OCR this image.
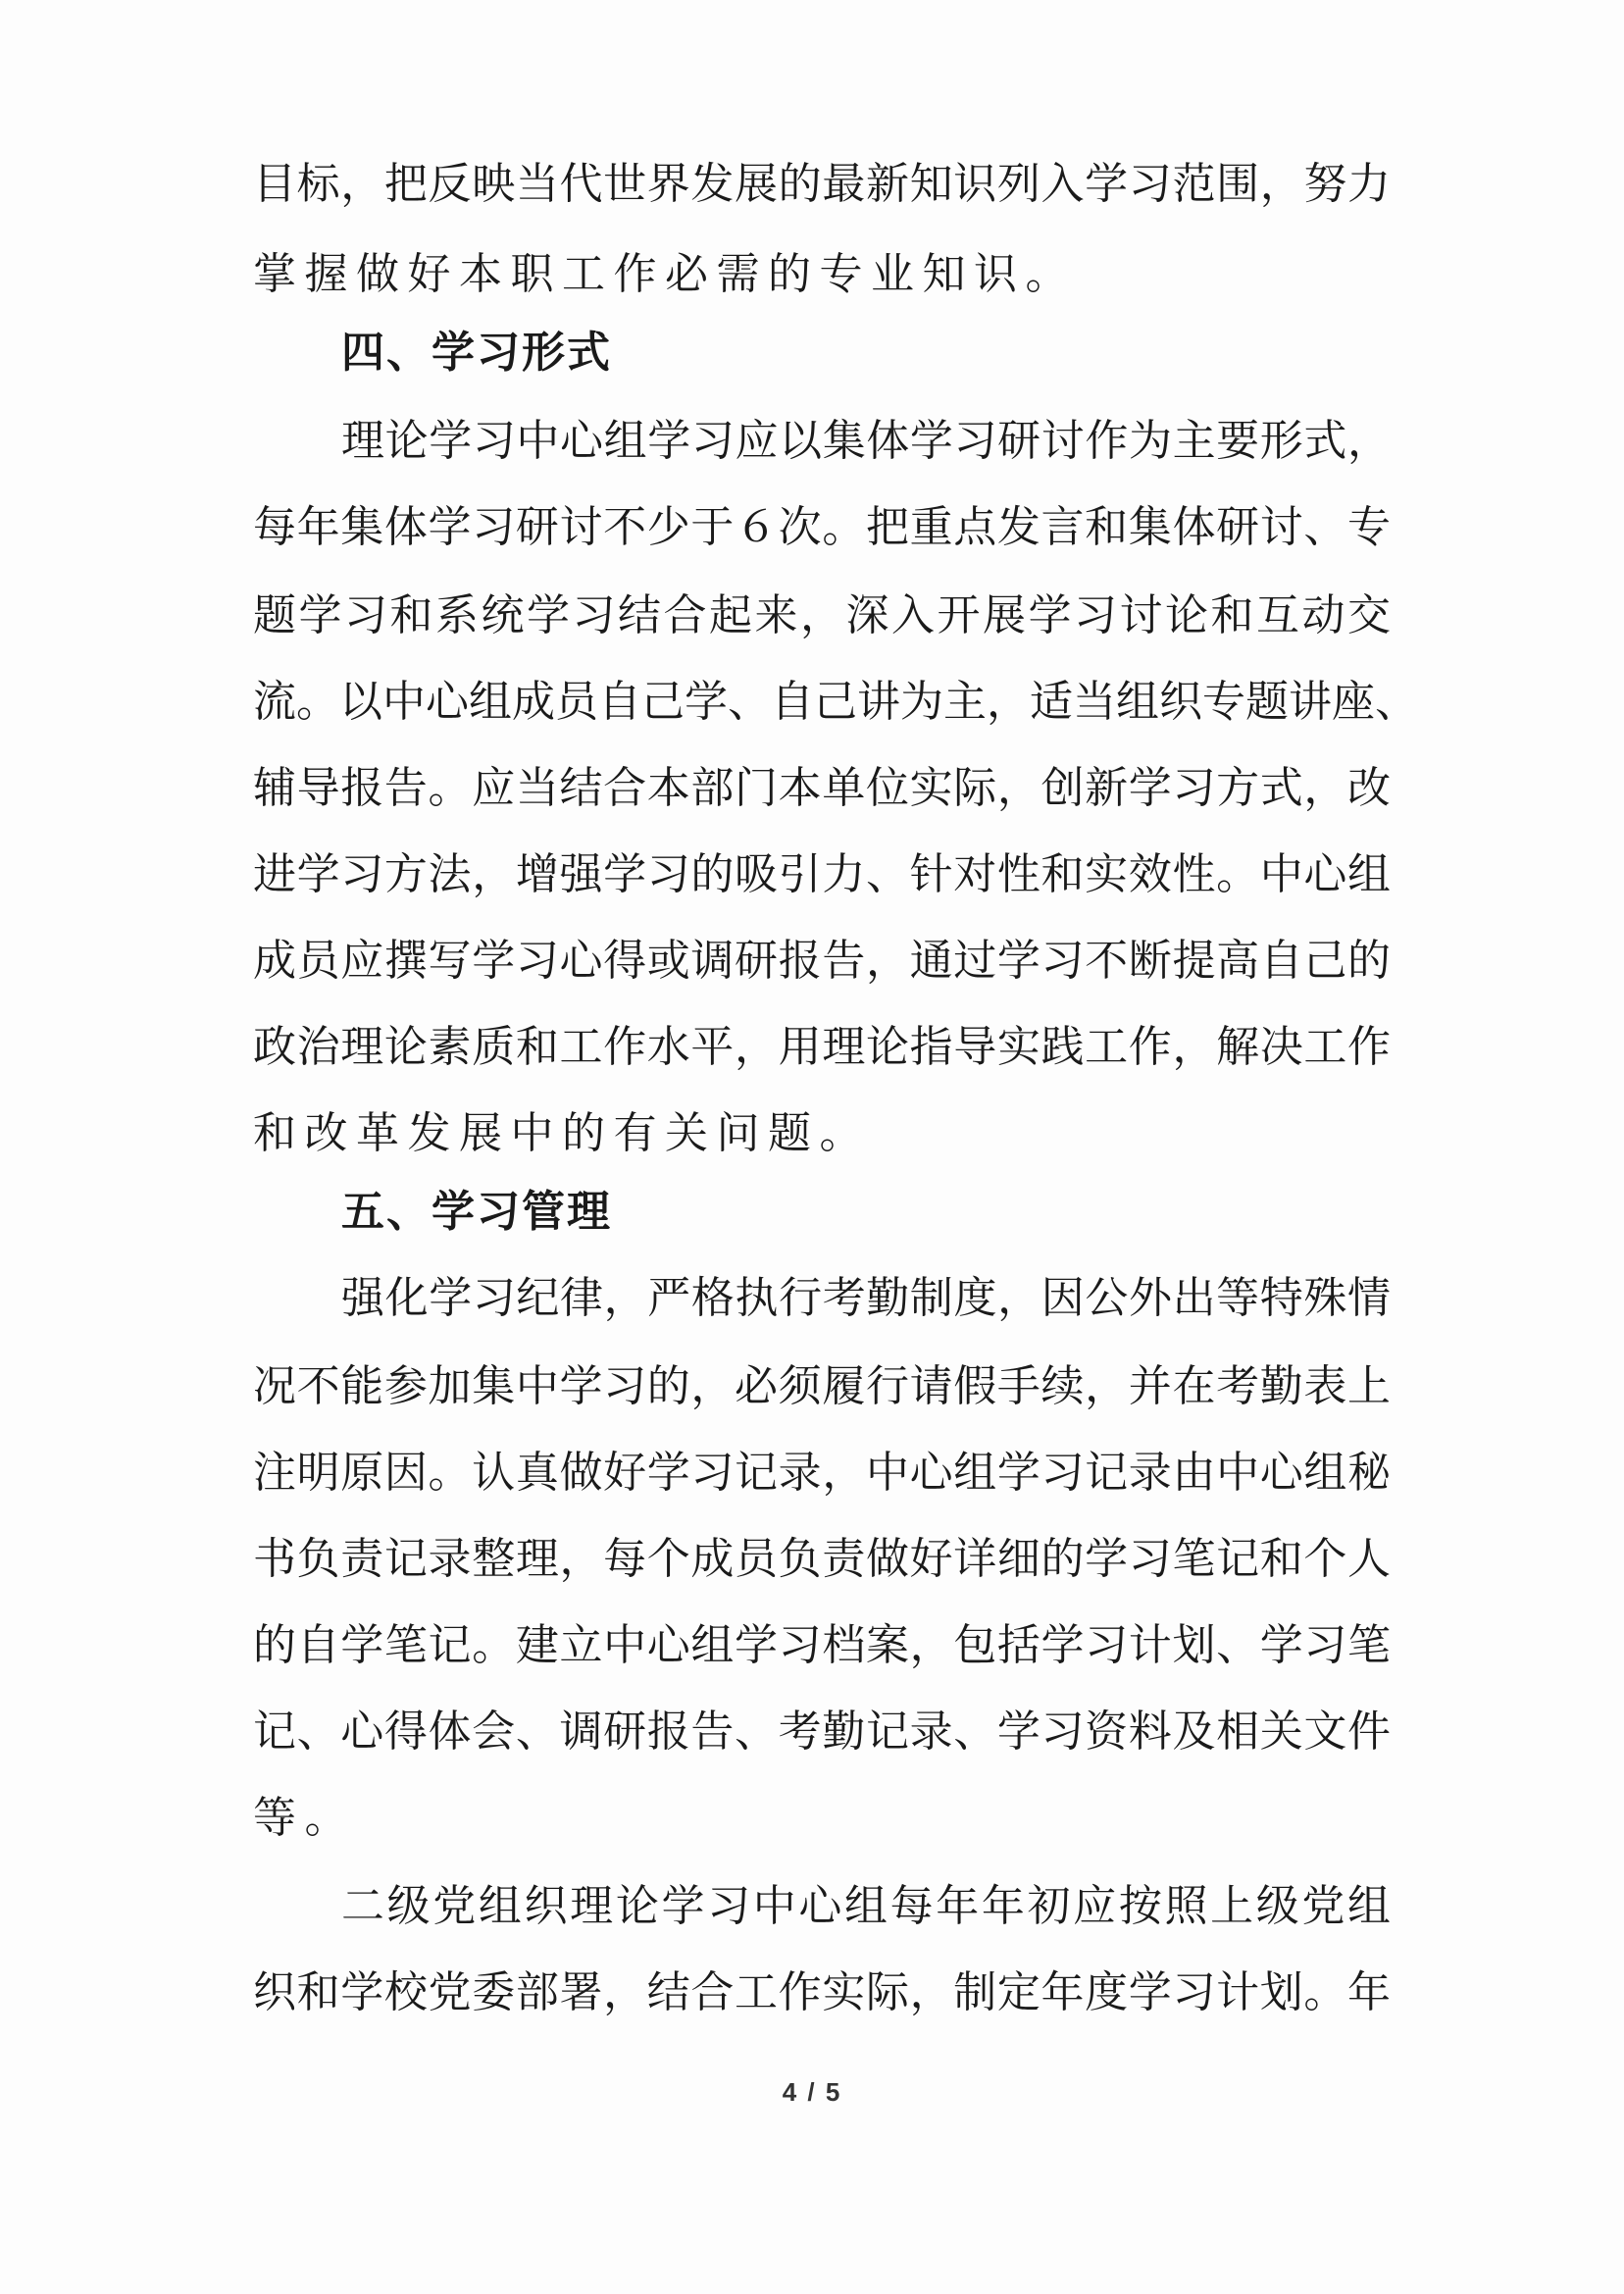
目标，把反映当代世界发展的最新知识列入学习范围，努力
掌握做好本职工作必需的专业知识。
四、学习形式
理论学习中心组学习应以集体学习研讨作为主要形式，
每年集体学习研讨不少于６次。把重点发言和集体研讨、专
题学习和系统学习结合起来，深入开展学习讨论和互动交
流。以中心组成员自己学、自己讲为主，适当组织专题讲座、
辅导报告。应当结合本部门本单位实际，创新学习方式，改
进学习方法，增强学习的吸引力、针对性和实效性。中心组
成员应撰写学习心得或调研报告，通过学习不断提高自己的
政治理论素质和工作水平，用理论指导实践工作，解决工作
和改革发展中的有关问题。
五、学习管理
强化学习纪律，严格执行考勤制度，因公外出等特殊情
况不能参加集中学习的，必须履行请假手续，并在考勤表上
注明原因。认真做好学习记录，中心组学习记录由中心组秘
书负责记录整理，每个成员负责做好详细的学习笔记和个人
的自学笔记。建立中心组学习档案，包括学习计划、学习笔
记、心得体会、调研报告、考勤记录、学习资料及相关文件
等。
二级党组织理论学习中心组每年年初应按照上级党组
织和学校党委部署，结合工作实际，制定年度学习计划。年
4 / 5
